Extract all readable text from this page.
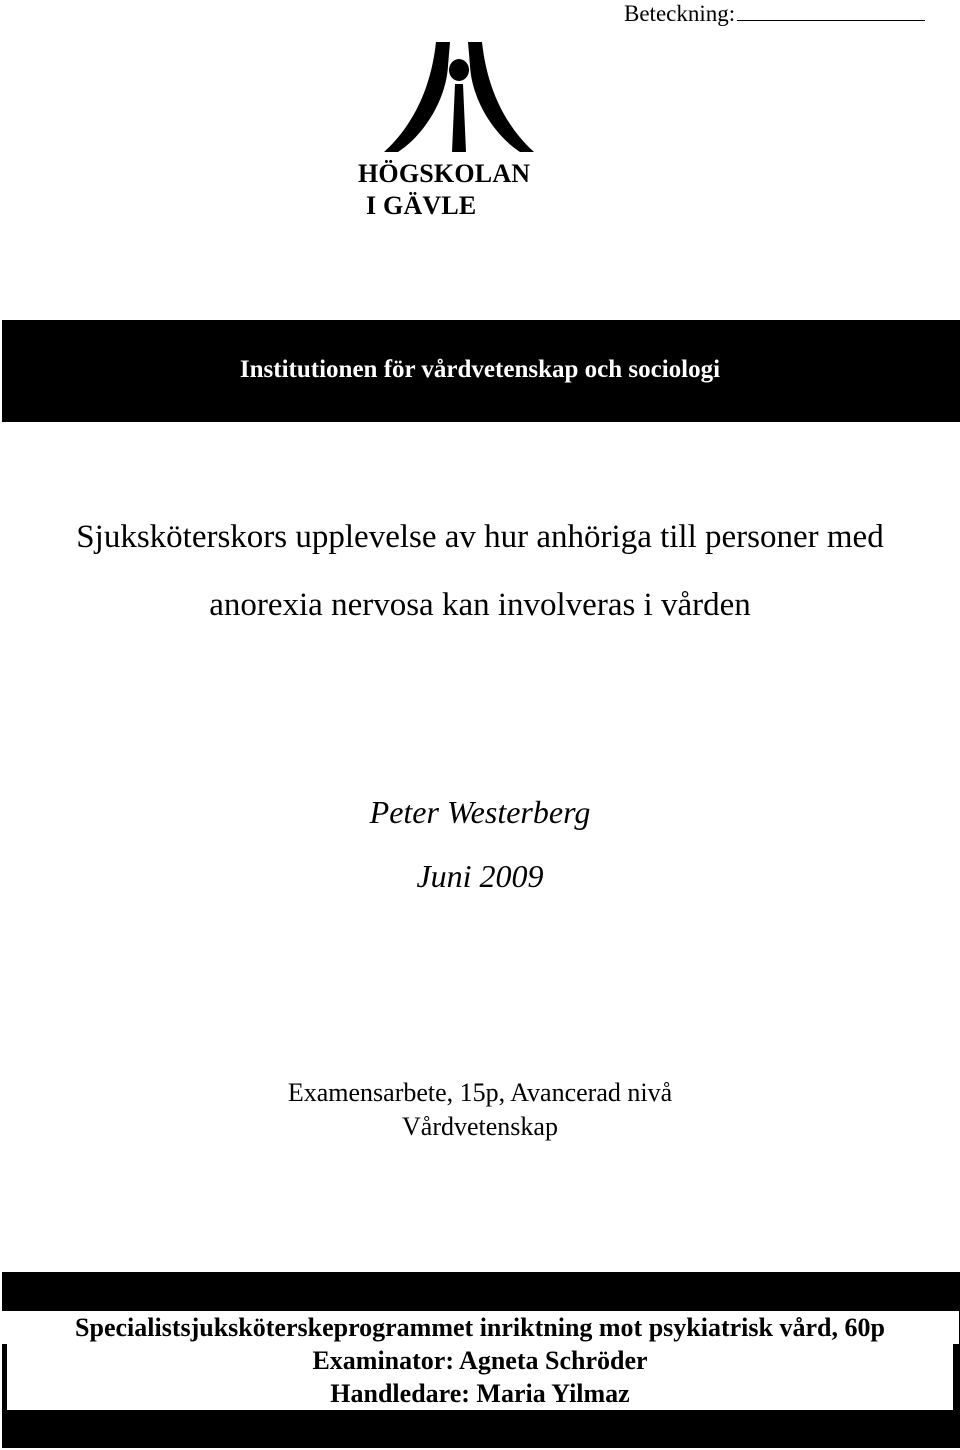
Beteckning:
HÖGSKOLAN
I GÄVLE
Institutionen för vårdvetenskap och sociologi
Sjuksköterskors upplevelse av hur anhöriga till personer med
anorexia nervosa kan involveras i vården
Peter Westerberg
Juni 2009
Examensarbete, 15p, Avancerad nivå
Vårdvetenskap
Specialistsjuksköterskeprogrammet inriktning mot psykiatrisk vård, 60p
Examinator: Agneta Schröder
Handledare: Maria Yilmaz
